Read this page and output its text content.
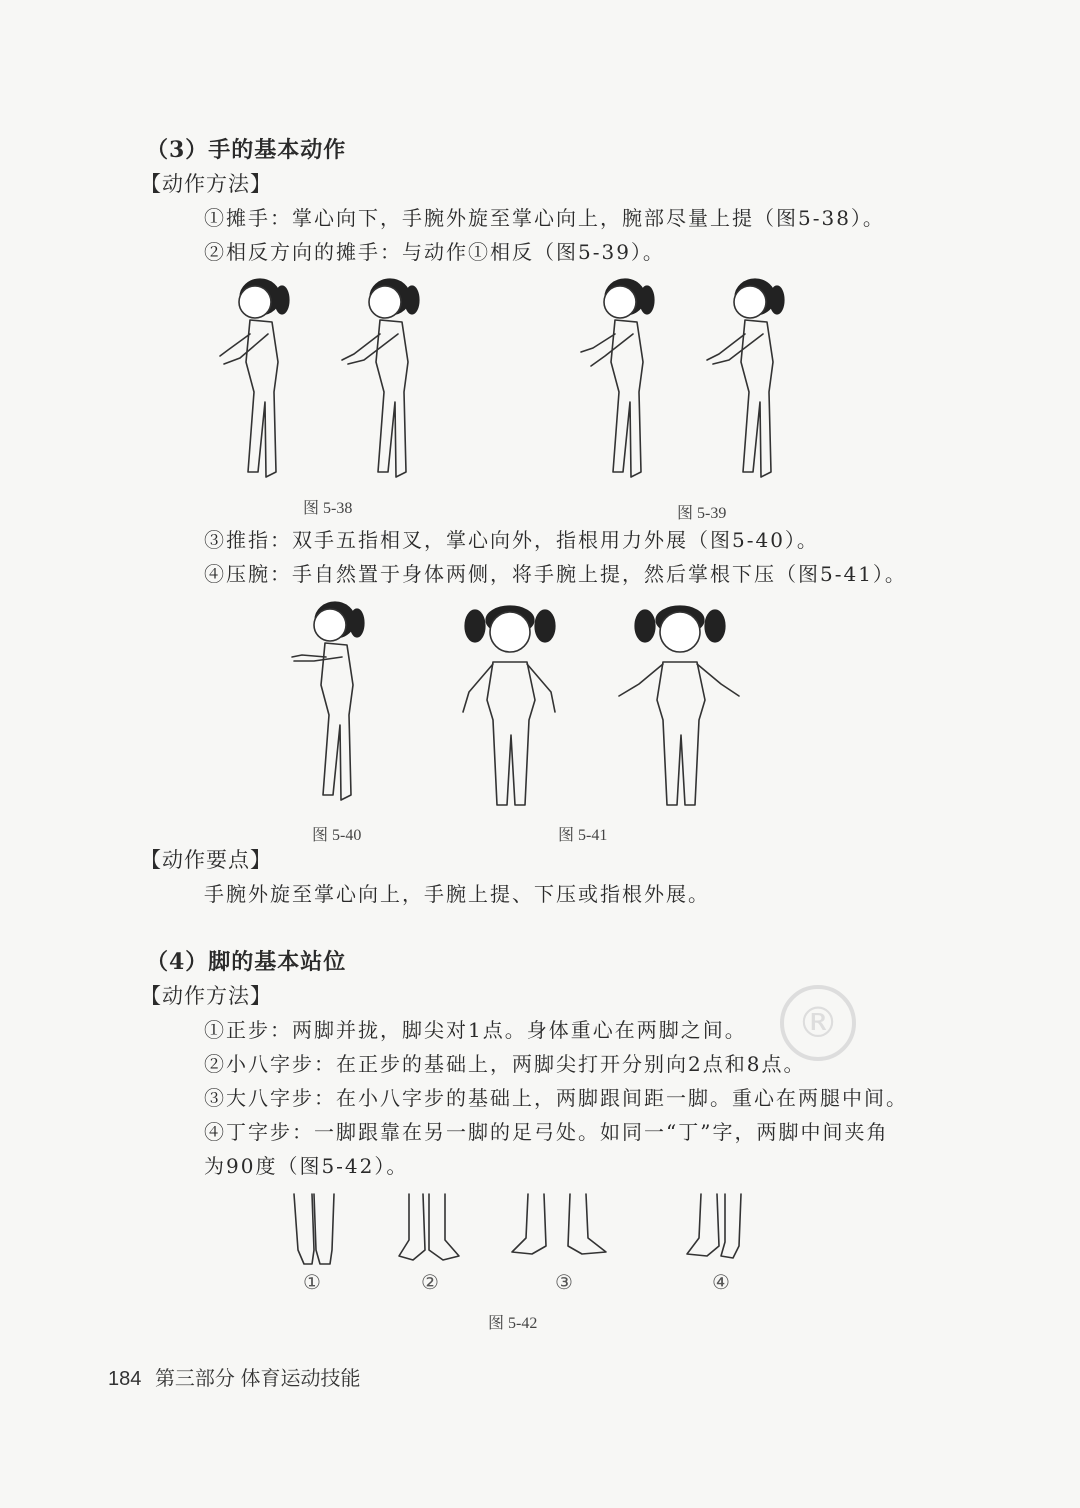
（3）手的基本动作
【动作方法】
①摊手：掌心向下，手腕外旋至掌心向上，腕部尽量上提（图5-38）。
②相反方向的摊手：与动作①相反（图5-39）。
图 5-38	图 5-39
③推指：双手五指相叉，掌心向外，指根用力外展（图5-40）。
④压腕：手自然置于身体两侧，将手腕上提，然后掌根下压（图5-41）。
图 5-40	图 5-41
【动作要点】
手腕外旋至掌心向上，手腕上提、下压或指根外展。
（4）脚的基本站位
【动作方法】
®
①正步：两脚并拢，脚尖对1点。身体重心在两脚之间。
②小八字步：在正步的基础上，两脚尖打开分别向2点和8点。
③大八字步：在小八字步的基础上，两脚跟间距一脚。重心在两腿中间。
④丁字步：一脚跟靠在另一脚的足弓处。如同一“丁”字，两脚中间夹角
为90度（图5-42）。
①	②	③	④
图 5-42
184 第三部分 体育运动技能
